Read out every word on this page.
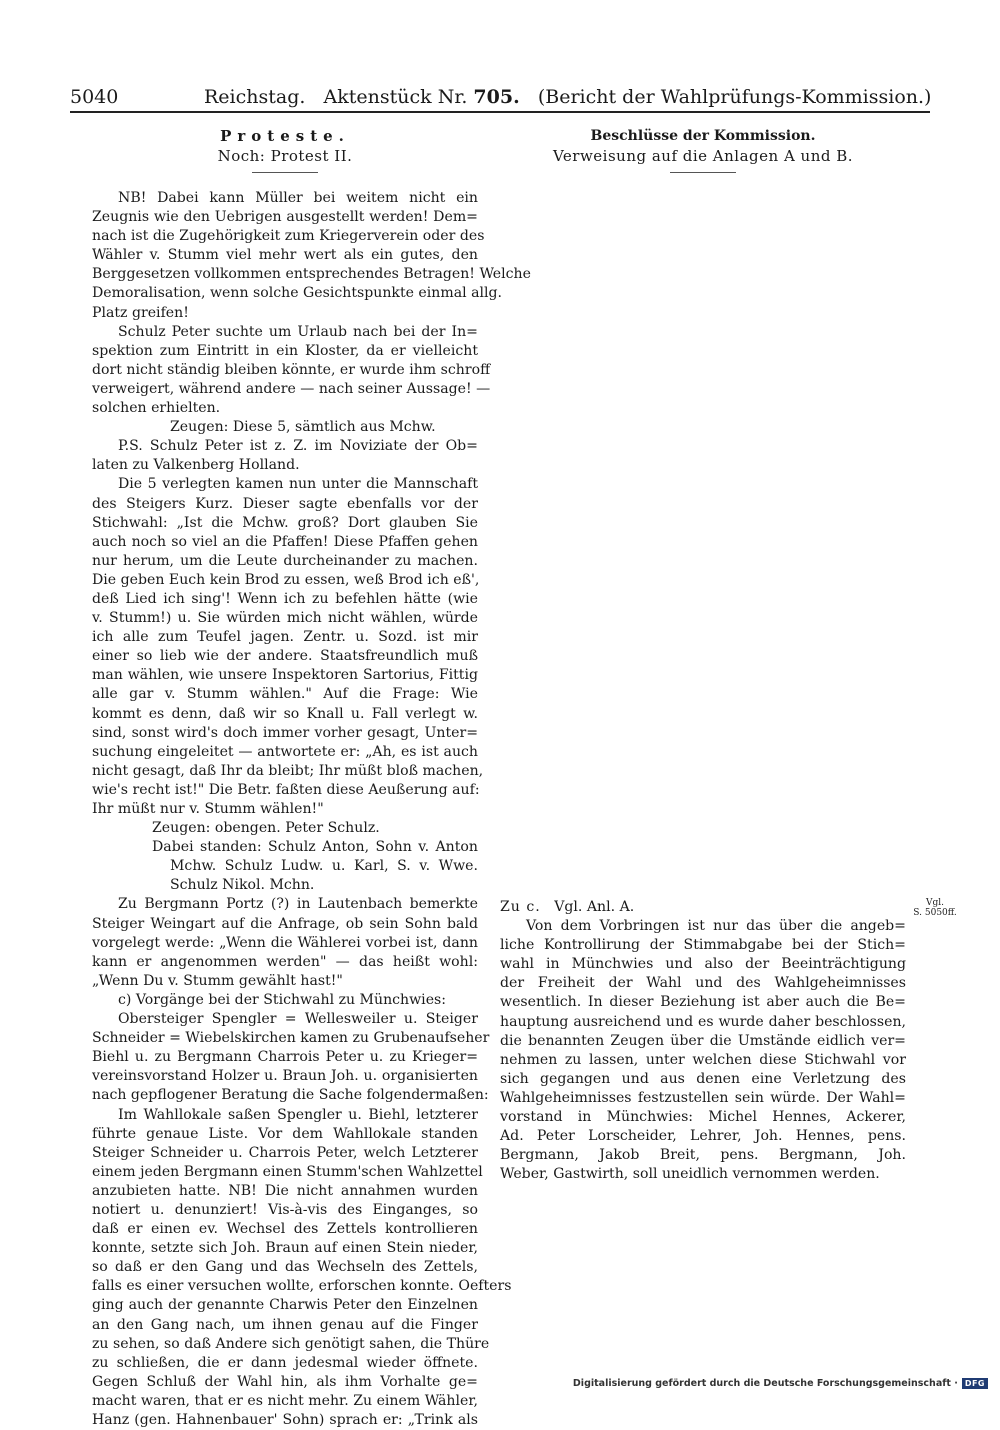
5040	Reichstag. Aktenstück Nr. 705. (Bericht der Wahlprüfungs-Kommission.)
Proteste.
Noch: Protest II.
NB! Dabei kann Müller bei weitem nicht ein
Zeugnis wie den Uebrigen ausgestellt werden! Dem=
nach ist die Zugehörigkeit zum Kriegerverein oder des
Wähler v. Stumm viel mehr wert als ein gutes, den
Berggesetzen vollkommen entsprechendes Betragen! Welche
Demoralisation, wenn solche Gesichtspunkte einmal allg.
Platz greifen!
Schulz Peter suchte um Urlaub nach bei der In=
spektion zum Eintritt in ein Kloster, da er vielleicht
dort nicht ständig bleiben könnte, er wurde ihm schroff
verweigert, während andere — nach seiner Aussage! —
solchen erhielten.
Zeugen: Diese 5, sämtlich aus Mchw.
P.S. Schulz Peter ist z. Z. im Noviziate der Ob=
laten zu Valkenberg Holland.
Die 5 verlegten kamen nun unter die Mannschaft
des Steigers Kurz. Dieser sagte ebenfalls vor der
Stichwahl: „Ist die Mchw. groß? Dort glauben Sie
auch noch so viel an die Pfaffen! Diese Pfaffen gehen
nur herum, um die Leute durcheinander zu machen.
Die geben Euch kein Brod zu essen, weß Brod ich eß',
deß Lied ich sing'! Wenn ich zu befehlen hätte (wie
v. Stumm!) u. Sie würden mich nicht wählen, würde
ich alle zum Teufel jagen. Zentr. u. Sozd. ist mir
einer so lieb wie der andere. Staatsfreundlich muß
man wählen, wie unsere Inspektoren Sartorius, Fittig
alle gar v. Stumm wählen." Auf die Frage: Wie
kommt es denn, daß wir so Knall u. Fall verlegt w.
sind, sonst wird's doch immer vorher gesagt, Unter=
suchung eingeleitet — antwortete er: „Ah, es ist auch
nicht gesagt, daß Ihr da bleibt; Ihr müßt bloß machen,
wie's recht ist!" Die Betr. faßten diese Aeußerung auf:
Ihr müßt nur v. Stumm wählen!"
Zeugen: obengen. Peter Schulz.
Dabei standen: Schulz Anton, Sohn v. Anton
Mchw. Schulz Ludw. u. Karl, S. v. Wwe.
Schulz Nikol. Mchn.
Zu Bergmann Portz (?) in Lautenbach bemerkte
Steiger Weingart auf die Anfrage, ob sein Sohn bald
vorgelegt werde: „Wenn die Wählerei vorbei ist, dann
kann er angenommen werden" — das heißt wohl:
„Wenn Du v. Stumm gewählt hast!"
c) Vorgänge bei der Stichwahl zu Münchwies:
Obersteiger Spengler = Wellesweiler u. Steiger
Schneider = Wiebelskirchen kamen zu Grubenaufseher
Biehl u. zu Bergmann Charrois Peter u. zu Krieger=
vereinsvorstand Holzer u. Braun Joh. u. organisierten
nach gepflogener Beratung die Sache folgendermaßen:
Im Wahllokale saßen Spengler u. Biehl, letzterer
führte genaue Liste. Vor dem Wahllokale standen
Steiger Schneider u. Charrois Peter, welch Letzterer
einem jeden Bergmann einen Stumm'schen Wahlzettel
anzubieten hatte. NB! Die nicht annahmen wurden
notiert u. denunziert! Vis-à-vis des Einganges, so
daß er einen ev. Wechsel des Zettels kontrollieren
konnte, setzte sich Joh. Braun auf einen Stein nieder,
so daß er den Gang und das Wechseln des Zettels,
falls es einer versuchen wollte, erforschen konnte. Oefters
ging auch der genannte Charwis Peter den Einzelnen
an den Gang nach, um ihnen genau auf die Finger
zu sehen, so daß Andere sich genötigt sahen, die Thüre
zu schließen, die er dann jedesmal wieder öffnete.
Gegen Schluß der Wahl hin, als ihm Vorhalte ge=
macht waren, that er es nicht mehr. Zu einem Wähler,
Hanz (gen. Hahnenbauer' Sohn) sprach er: „Trink als
Beschlüsse der Kommission.
Verweisung auf die Anlagen A und B.
Zu c. Vgl. Anl. A.
Von dem Vorbringen ist nur das über die angeb=
liche Kontrollirung der Stimmabgabe bei der Stich=
wahl in Münchwies und also der Beeinträchtigung
der Freiheit der Wahl und des Wahlgeheimnisses
wesentlich. In dieser Beziehung ist aber auch die Be=
hauptung ausreichend und es wurde daher beschlossen,
die benannten Zeugen über die Umstände eidlich ver=
nehmen zu lassen, unter welchen diese Stichwahl vor
sich gegangen und aus denen eine Verletzung des
Wahlgeheimnisses festzustellen sein würde. Der Wahl=
vorstand in Münchwies: Michel Hennes, Ackerer,
Ad. Peter Lorscheider, Lehrer, Joh. Hennes, pens.
Bergmann, Jakob Breit, pens. Bergmann, Joh.
Weber, Gastwirth, soll uneidlich vernommen werden.
Vgl.
S. 5050ff.
Digitalisierung gefördert durch die Deutsche Forschungsgemeinschaft · DFG
